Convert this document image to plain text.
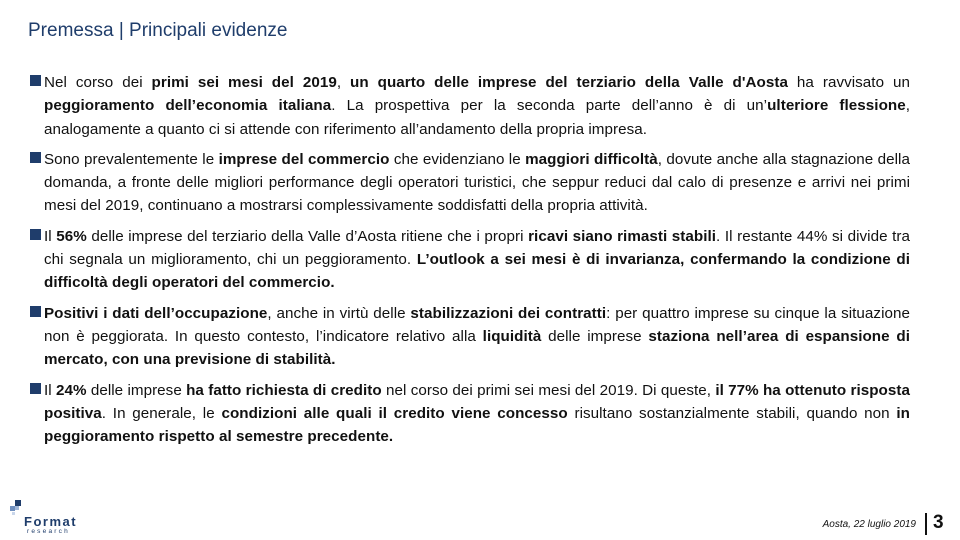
Premessa | Principali evidenze

Nel corso dei primi sei mesi del 2019, un quarto delle imprese del terziario della Valle d'Aosta ha ravvisato un peggioramento dell’economia italiana. La prospettiva per la seconda parte dell’anno è di un’ulteriore flessione, analogamente a quanto ci si attende con riferimento all’andamento della propria impresa.

Sono prevalentemente le imprese del commercio che evidenziano le maggiori difficoltà, dovute anche alla stagnazione della domanda, a fronte delle migliori performance degli operatori turistici, che seppur reduci dal calo di presenze e arrivi nei primi mesi del 2019, continuano a mostrarsi complessivamente soddisfatti della propria attività.

Il 56% delle imprese del terziario della Valle d’Aosta ritiene che i propri ricavi siano rimasti stabili. Il restante 44% si divide tra chi segnala un miglioramento, chi un peggioramento. L’outlook a sei mesi è di invarianza, confermando la condizione di difficoltà degli operatori del commercio.

Positivi i dati dell’occupazione, anche in virtù delle stabilizzazioni dei contratti: per quattro imprese su cinque la situazione non è peggiorata. In questo contesto, l’indicatore relativo alla liquidità delle imprese staziona nell’area di espansione di mercato, con una previsione di stabilità.

Il 24% delle imprese ha fatto richiesta di credito nel corso dei primi sei mesi del 2019. Di queste, il 77% ha ottenuto risposta positiva. In generale, le condizioni alle quali il credito viene concesso risultano sostanzialmente stabili, quando non in peggioramento rispetto al semestre precedente.

Format
research
Aosta, 22 luglio 2019 3
